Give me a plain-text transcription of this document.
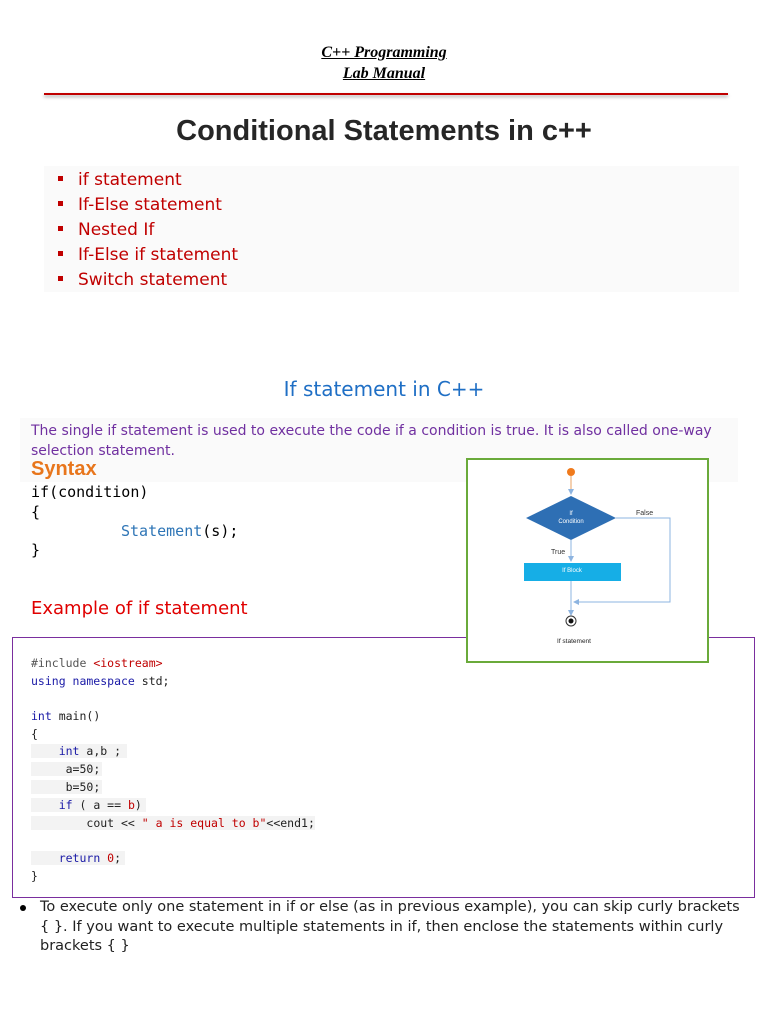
C++ Programming
Lab Manual
Conditional Statements in c++
if statement
If-Else statement
Nested If
If-Else if statement
Switch statement
If statement in C++
The single if statement is used to execute the code if a condition is true. It is also called one-way selection statement.
Syntax
if(condition)
{
Statement(s);
}
Example of if statement
#include <iostream>
using namespace std;
int main()
{
int a,b ;
a=50;
b=50;
if ( a == b)
cout << " a is equal to b"<<end1;
return 0;
}
If
Condition
False
True
If Block
If statement
To execute only one statement in if or else (as in previous example), you can skip curly brackets { }. If you want to execute multiple statements in if, then enclose the statements within curly brackets { }
